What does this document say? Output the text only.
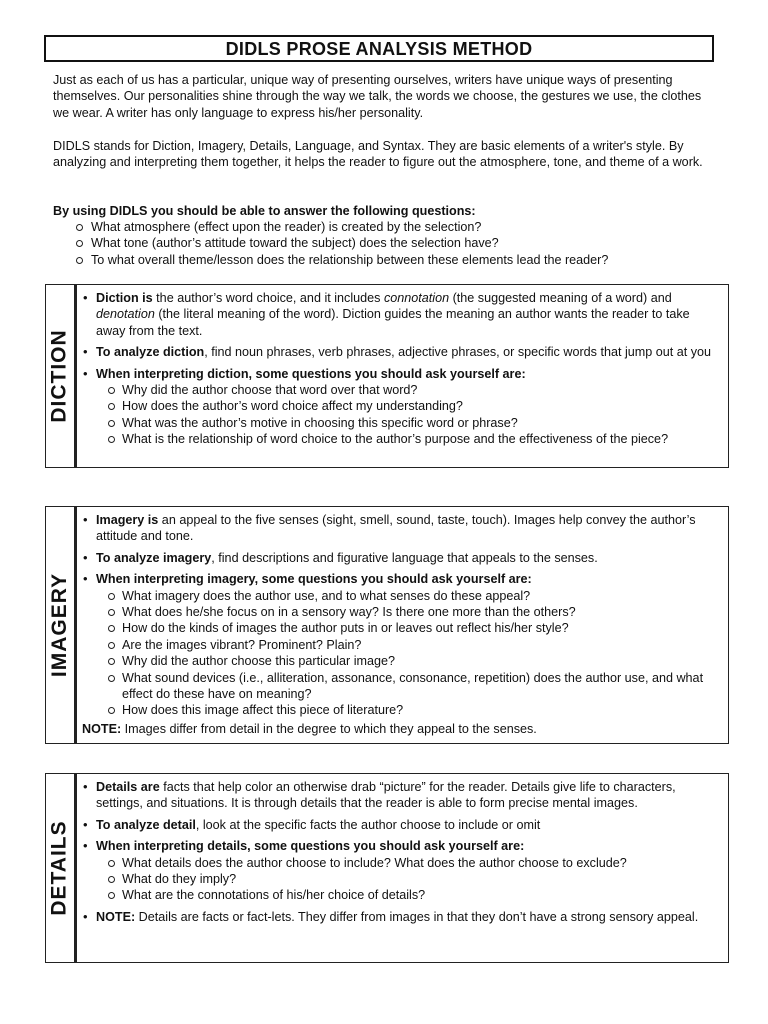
DIDLS PROSE ANALYSIS METHOD

Just as each of us has a particular, unique way of presenting ourselves, writers have unique ways of presenting themselves. Our personalities shine through the way we talk, the words we choose, the gestures we use, the clothes we wear. A writer has only language to express his/her personality.

DIDLS stands for Diction, Imagery, Details, Language, and Syntax. They are basic elements of a writer's style. By analyzing and interpreting them together, it helps the reader to figure out the atmosphere, tone, and theme of a work.

By using DIDLS you should be able to answer the following questions:
What atmosphere (effect upon the reader) is created by the selection?
What tone (author’s attitude toward the subject) does the selection have?
To what overall theme/lesson does the relationship between these elements lead the reader?
DICTION
• Diction is the author’s word choice, and it includes connotation (the suggested meaning of a word) and denotation (the literal meaning of the word). Diction guides the meaning an author wants the reader to take away from the text.
• To analyze diction, find noun phrases, verb phrases, adjective phrases, or specific words that jump out at you
• When interpreting diction, some questions you should ask yourself are:
Why did the author choose that word over that word?
How does the author’s word choice affect my understanding?
What was the author’s motive in choosing this specific word or phrase?
What is the relationship of word choice to the author’s purpose and the effectiveness of the piece?
IMAGERY
• Imagery is an appeal to the five senses (sight, smell, sound, taste, touch). Images help convey the author’s attitude and tone.
• To analyze imagery, find descriptions and figurative language that appeals to the senses.
• When interpreting imagery, some questions you should ask yourself are:
What imagery does the author use, and to what senses do these appeal?
What does he/she focus on in a sensory way? Is there one more than the others?
How do the kinds of images the author puts in or leaves out reflect his/her style?
Are the images vibrant? Prominent? Plain?
Why did the author choose this particular image?
What sound devices (i.e., alliteration, assonance, consonance, repetition) does the author use, and what effect do these have on meaning?
How does this image affect this piece of literature?
NOTE: Images differ from detail in the degree to which they appeal to the senses.
DETAILS
• Details are facts that help color an otherwise drab “picture” for the reader. Details give life to characters, settings, and situations. It is through details that the reader is able to form precise mental images.
• To analyze detail, look at the specific facts the author choose to include or omit
• When interpreting details, some questions you should ask yourself are:
What details does the author choose to include? What does the author choose to exclude?
What do they imply?
What are the connotations of his/her choice of details?
• NOTE: Details are facts or fact-lets. They differ from images in that they don’t have a strong sensory appeal.
